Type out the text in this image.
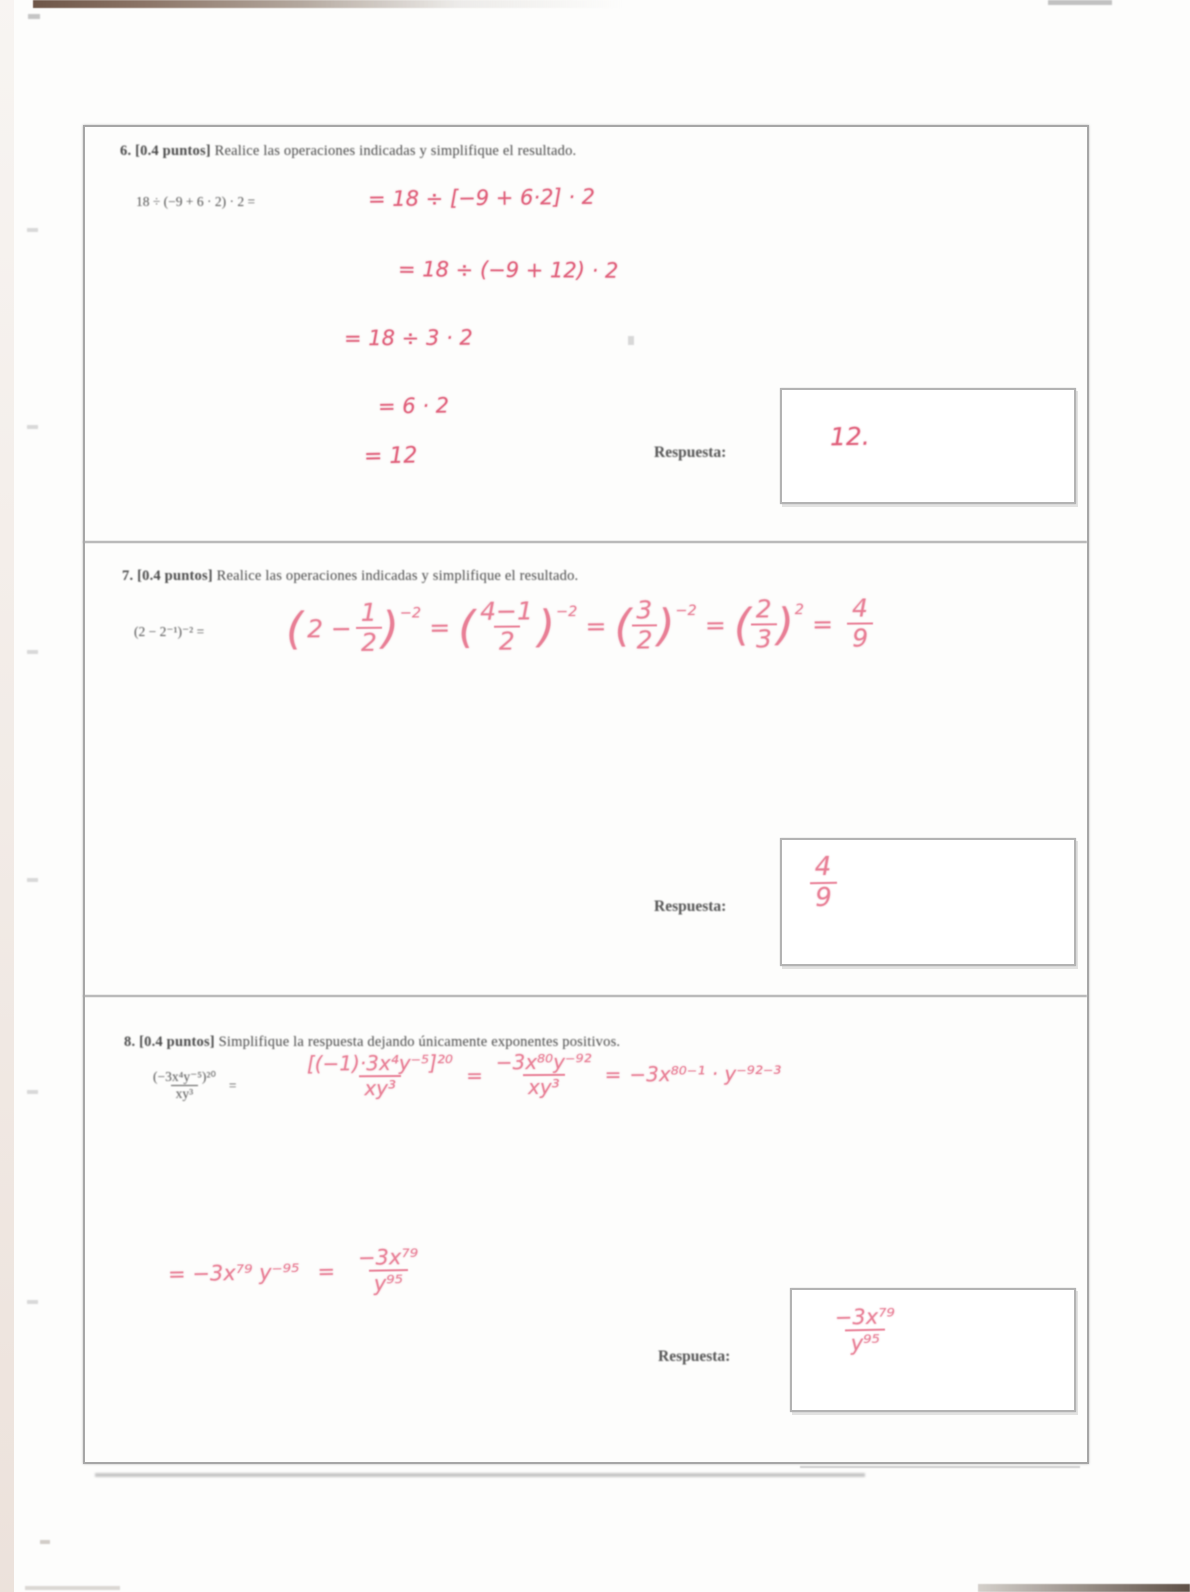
6. [0.4 puntos] Realice las operaciones indicadas y simplifique el resultado.
18 ÷ (−9 + 6 · 2) · 2 =	= 18 ÷ [−9 + 6·2] · 2
= 18 ÷ (−9 + 12) · 2
= 18 ÷ 3 · 2
= 6 · 2
= 12	Respuesta:
12.
7. [0.4 puntos] Realice las operaciones indicadas y simplifique el resultado.
(2 − 2⁻¹)⁻² = ( $2 - \frac{1}{2}$ ) −2 = ( $\frac{4-1}{2}$ ) −2 = ( $\frac{3}{2}$ ) −2 = ( $\frac{2}{3}$ ) $2 = \frac{4}{9}$
Respuesta:	$\frac{4}{9}$
8. [0.4 puntos] Simplifique la respuesta dejando únicamente exponentes positivos.
$\frac{\text{(−3x⁴y⁻⁵)²⁰}}{\text{xy³}}$ =	$\frac{\text{[(−1)·3x⁴y⁻⁵]²⁰}}{\text{xy³}} = \frac{\text{−3x⁸⁰y⁻⁹²}}{\text{xy³}} = -3x^{80-1} \cdot y^{-92-3}$
= −3x⁷⁹ $y^{-95} = \frac{\text{−3x⁷⁹}}{\text{y⁹⁵}}$
Respuesta:
$\frac{\text{−3x⁷⁹}}{\text{y⁹⁵}}$
